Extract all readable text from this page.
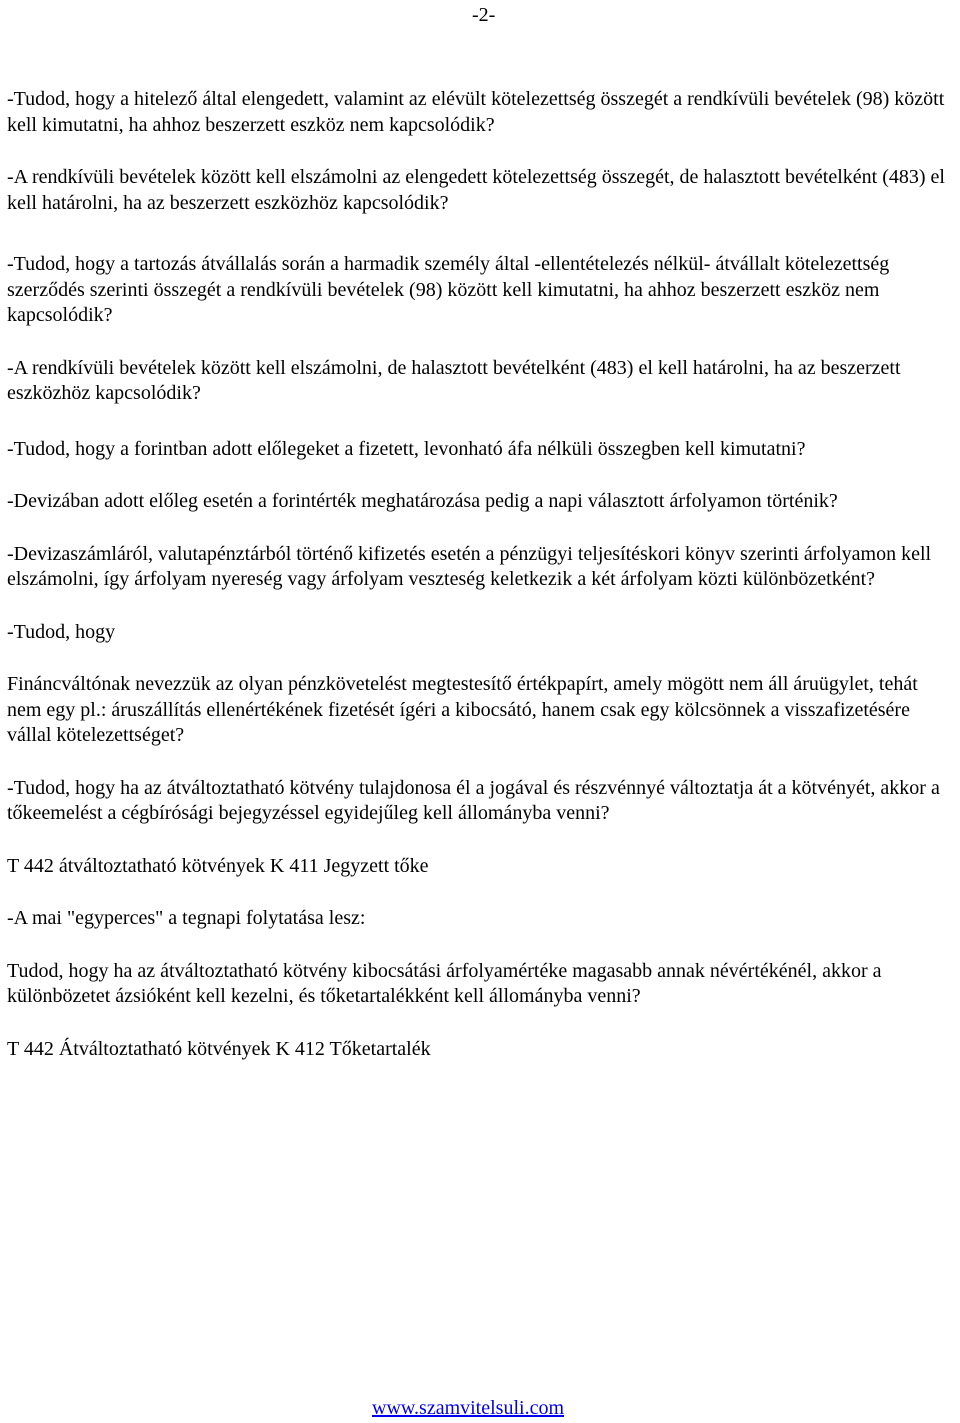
-2-

-Tudod, hogy a hitelező által elengedett, valamint az elévült kötelezettség összegét a rendkívüli bevételek (98) között kell kimutatni, ha ahhoz beszerzett eszköz nem kapcsolódik?

-A rendkívüli bevételek között kell elszámolni az elengedett kötelezettség összegét, de halasztott bevételként (483) el kell határolni, ha az beszerzett eszközhöz kapcsolódik?

-Tudod, hogy a tartozás átvállalás során a harmadik személy által -ellentételezés nélkül- átvállalt kötelezettség szerződés szerinti összegét a rendkívüli bevételek (98) között kell kimutatni, ha ahhoz beszerzett eszköz nem kapcsolódik?

-A rendkívüli bevételek között kell elszámolni, de halasztott bevételként (483) el kell határolni, ha az beszerzett eszközhöz kapcsolódik?

-Tudod, hogy a forintban adott előlegeket a fizetett, levonható áfa nélküli összegben kell kimutatni?

-Devizában adott előleg esetén a forintérték meghatározása pedig a napi választott árfolyamon történik?

-Devizaszámláról, valutapénztárból történő kifizetés esetén a pénzügyi teljesítéskori könyv szerinti árfolyamon kell elszámolni, így árfolyam nyereség vagy árfolyam veszteség keletkezik a két árfolyam közti különbözetként?

-Tudod, hogy

Fináncváltónak nevezzük az olyan pénzkövetelést megtestesítő értékpapírt, amely mögött nem áll áruügylet, tehát nem egy pl.: áruszállítás ellenértékének fizetését ígéri a kibocsátó, hanem csak egy kölcsönnek a visszafizetésére vállal kötelezettséget?

-Tudod, hogy ha az átváltoztatható kötvény tulajdonosa él a jogával és részvénnyé változtatja át a kötvényét, akkor a tőkeemelést a cégbírósági bejegyzéssel egyidejűleg kell állományba venni?

T 442 átváltoztatható kötvények K 411 Jegyzett tőke

-A mai "egyperces" a tegnapi folytatása lesz:

Tudod, hogy ha az átváltoztatható kötvény kibocsátási árfolyamértéke magasabb annak névértékénél, akkor a különbözetet ázsióként kell kezelni, és tőketartalékként kell állományba venni?

T 442 Átváltoztatható kötvények K 412 Tőketartalék

www.szamvitelsuli.com
